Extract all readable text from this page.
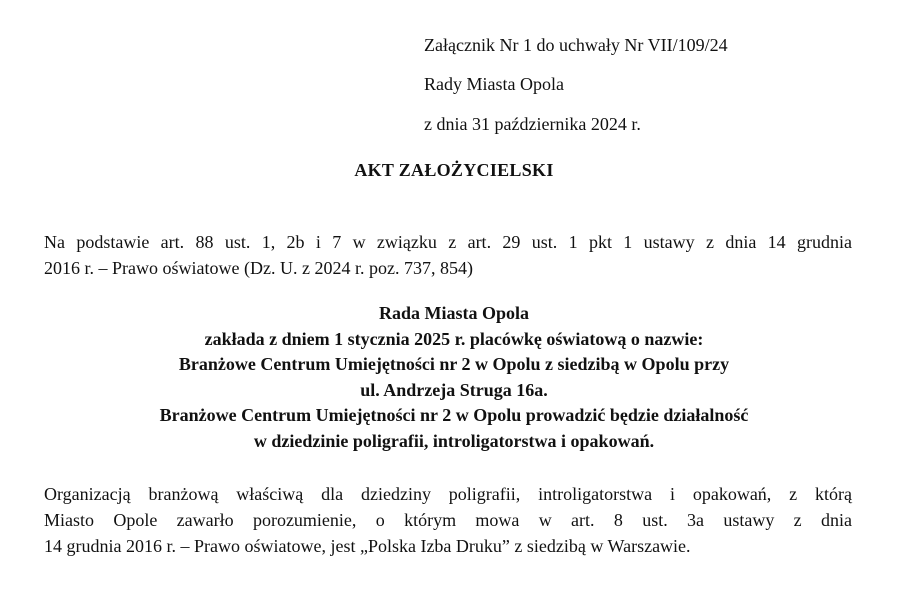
Załącznik Nr 1 do uchwały Nr VII/109/24
Rady Miasta Opola
z dnia 31 października 2024 r.
AKT ZAŁOŻYCIELSKI
Na podstawie art. 88 ust. 1, 2b i 7 w związku z art. 29 ust. 1 pkt 1 ustawy z dnia 14 grudnia
2016 r. – Prawo oświatowe (Dz. U. z 2024 r. poz. 737, 854)
Rada Miasta Opola
zakłada z dniem 1 stycznia 2025 r. placówkę oświatową o nazwie:
Branżowe Centrum Umiejętności nr 2 w Opolu z siedzibą w Opolu przy
ul. Andrzeja Struga 16a.
Branżowe Centrum Umiejętności nr 2 w Opolu prowadzić będzie działalność
w dziedzinie poligrafii, introligatorstwa i opakowań.
Organizacją branżową właściwą dla dziedziny poligrafii, introligatorstwa i opakowań, z którą
Miasto Opole zawarło porozumienie, o którym mowa w art. 8 ust. 3a ustawy z dnia
14 grudnia 2016 r. – Prawo oświatowe, jest „Polska Izba Druku” z siedzibą w Warszawie.
